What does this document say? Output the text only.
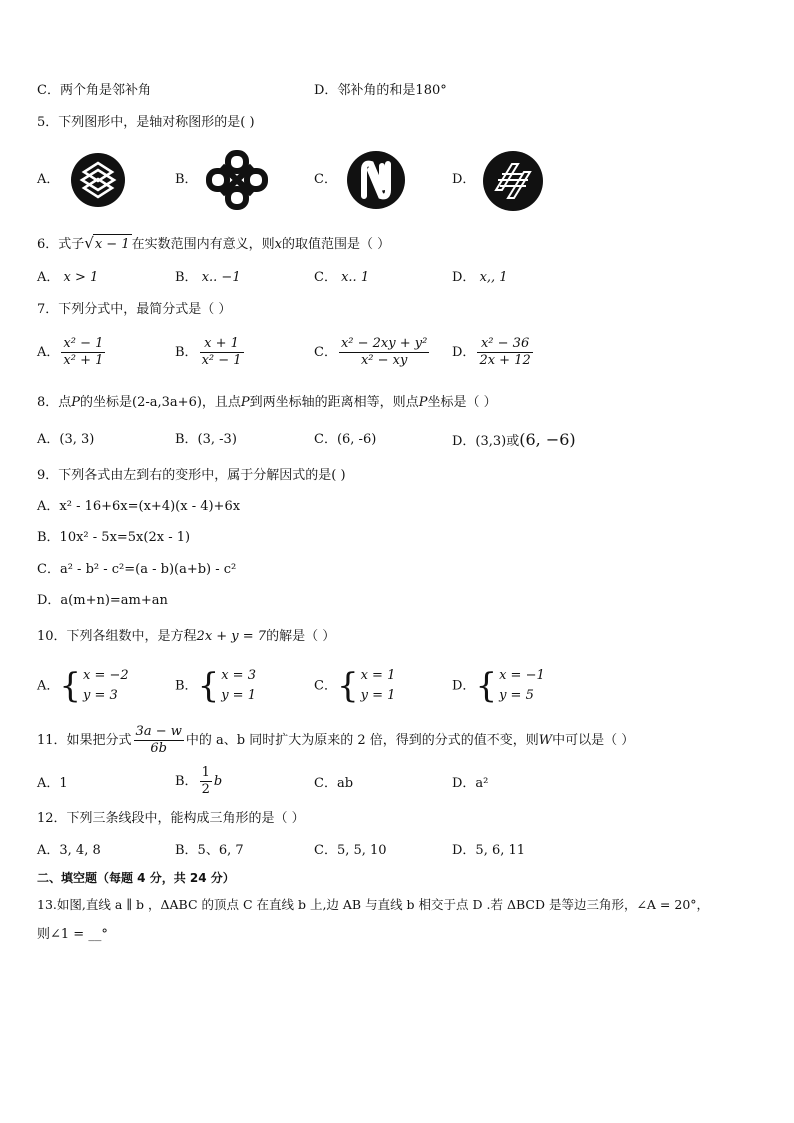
C．两个角是邻补角	D．邻补角的和是180°
5．下列图形中，是轴对称图形的是( )
A．	B．	C．	D．
6．式子√x − 1 在实数范围内有意义，则x的取值范围是（ ）
A． x > 1	B． x.. −1	C． x.. 1	D． x,, 1
7．下列分式中，最简分式是（ ）
A． $\frac{\text{x² − 1}}{\text{x² + 1}}$	B． $\frac{x + 1}{\text{x² − 1}}$	C． $\frac{\text{x² − 2xy + y²}}{\text{x² − xy}}$ D． $\frac{\text{x² − 36}}{2x + 12}$
8．点P的坐标是(2-a,3a+6)，且点P到两坐标轴的距离相等，则点P坐标是（ ）
A．(3, 3)	B．(3, -3)	C．(6, -6)	D．(3,3)或(6, −6)
9．下列各式由左到右的变形中，属于分解因式的是( )
A．x² - 16+6x=(x+4)(x - 4)+6x
B．10x² - 5x=5x(2x - 1)
C．a² - b² - c²=(a - b)(a+b) - c²
D．a(m+n)=am+an
10．下列各组数中，是方程2x + y = 7的解是（ ）
A．{ x = −2
y = 3
B．{ x = 3
y = 1
C．{ x = 1
y = 1
D．{ x = −1
y = 5
11．如果把分式 $\frac{3a - w}{6b}$ 中的 a、b 同时扩大为原来的 2 倍，得到的分式的值不变，则W中可以是（ ）
A．1	B． $\frac{1}{2}$ b	C．ab	D．a²
12．下列三条线段中，能构成三角形的是（ ）
A．3, 4, 8	B．5、6, 7	C．5, 5, 10	D．5, 6, 11
二、填空题（每题 4 分，共 24 分）
13.如图,直线 a ∥ b ，ΔABC 的顶点 C 在直线 b 上,边 AB 与直线 b 相交于点 D .若 ΔBCD 是等边三角形，∠A = 20°，
则∠1 = __°
